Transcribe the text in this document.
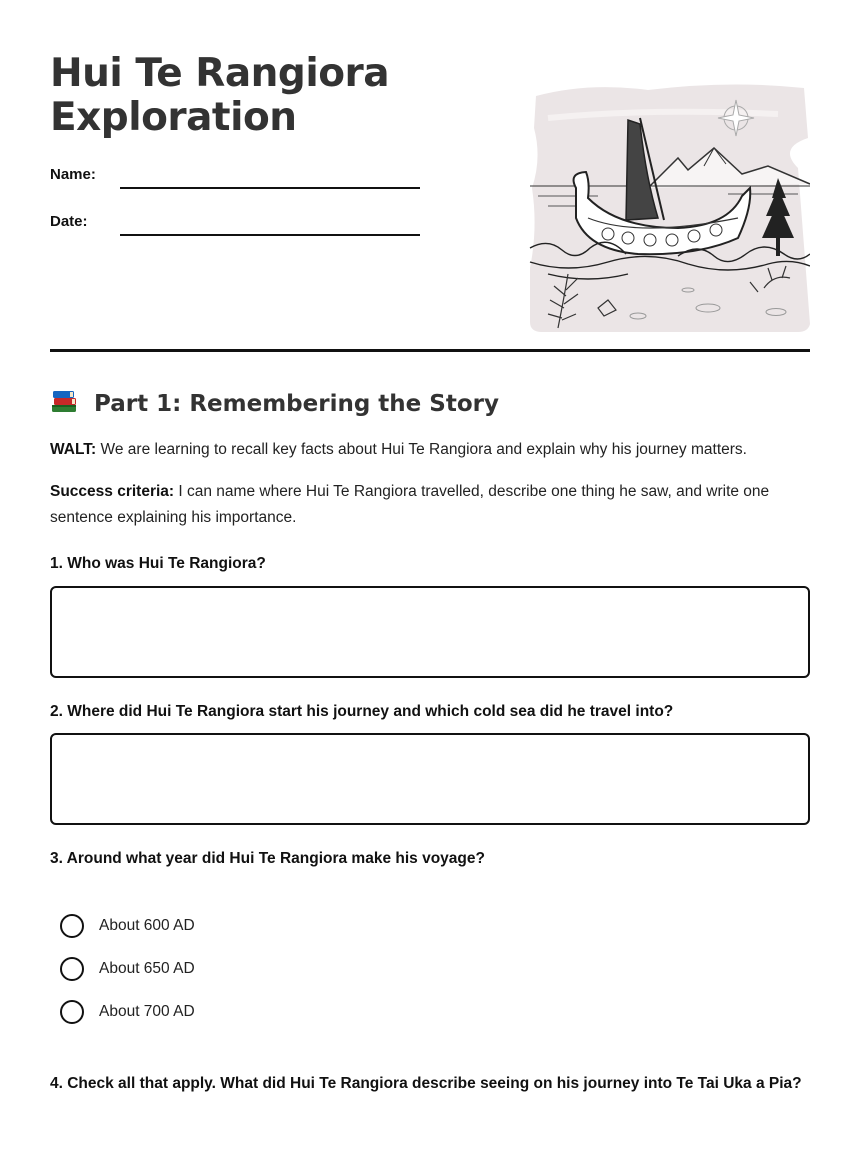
Hui Te Rangiora Exploration
Name:
Date:
Part 1: Remembering the Story
WALT: We are learning to recall key facts about Hui Te Rangiora and explain why his journey matters.
Success criteria: I can name where Hui Te Rangiora travelled, describe one thing he saw, and write one sentence explaining his importance.
1. Who was Hui Te Rangiora?
2. Where did Hui Te Rangiora start his journey and which cold sea did he travel into?
3. Around what year did Hui Te Rangiora make his voyage?
About 600 AD
About 650 AD
About 700 AD
4. Check all that apply. What did Hui Te Rangiora describe seeing on his journey into Te Tai Uka a Pia?
